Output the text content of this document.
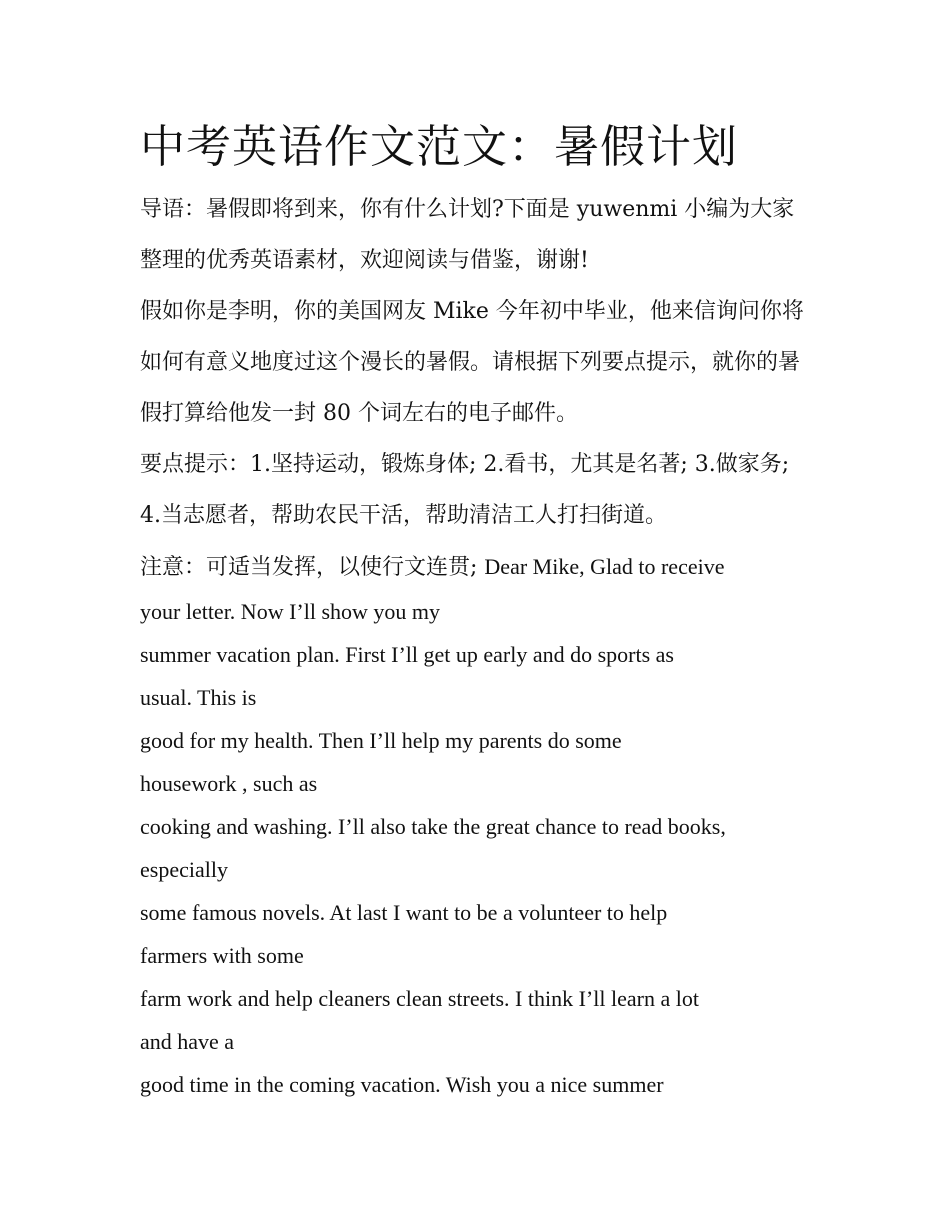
中考英语作文范文：暑假计划

导语：暑假即将到来，你有什么计划?下面是 yuwenmi 小编为大家整理的优秀英语素材，欢迎阅读与借鉴，谢谢!

假如你是李明，你的美国网友 Mike 今年初中毕业，他来信询问你将如何有意义地度过这个漫长的暑假。请根据下列要点提示，就你的暑假打算给他发一封 80 个词左右的电子邮件。

要点提示：1.坚持运动，锻炼身体; 2.看书，尤其是名著; 3.做家务; 4.当志愿者，帮助农民干活，帮助清洁工人打扫街道。

注意：可适当发挥，以使行文连贯; Dear Mike, Glad to receive

your letter. Now I’ll show you my

summer vacation plan. First I’ll get up early and do sports as

usual. This is

good for my health. Then I’ll help my parents do some

housework , such as

cooking and washing. I’ll also take the great chance to read books,

especially

some famous novels. At last I want to be a volunteer to help

farmers with some

farm work and help cleaners clean streets. I think I’ll learn a lot

and have a

good time in the coming vacation. Wish you a nice summer
